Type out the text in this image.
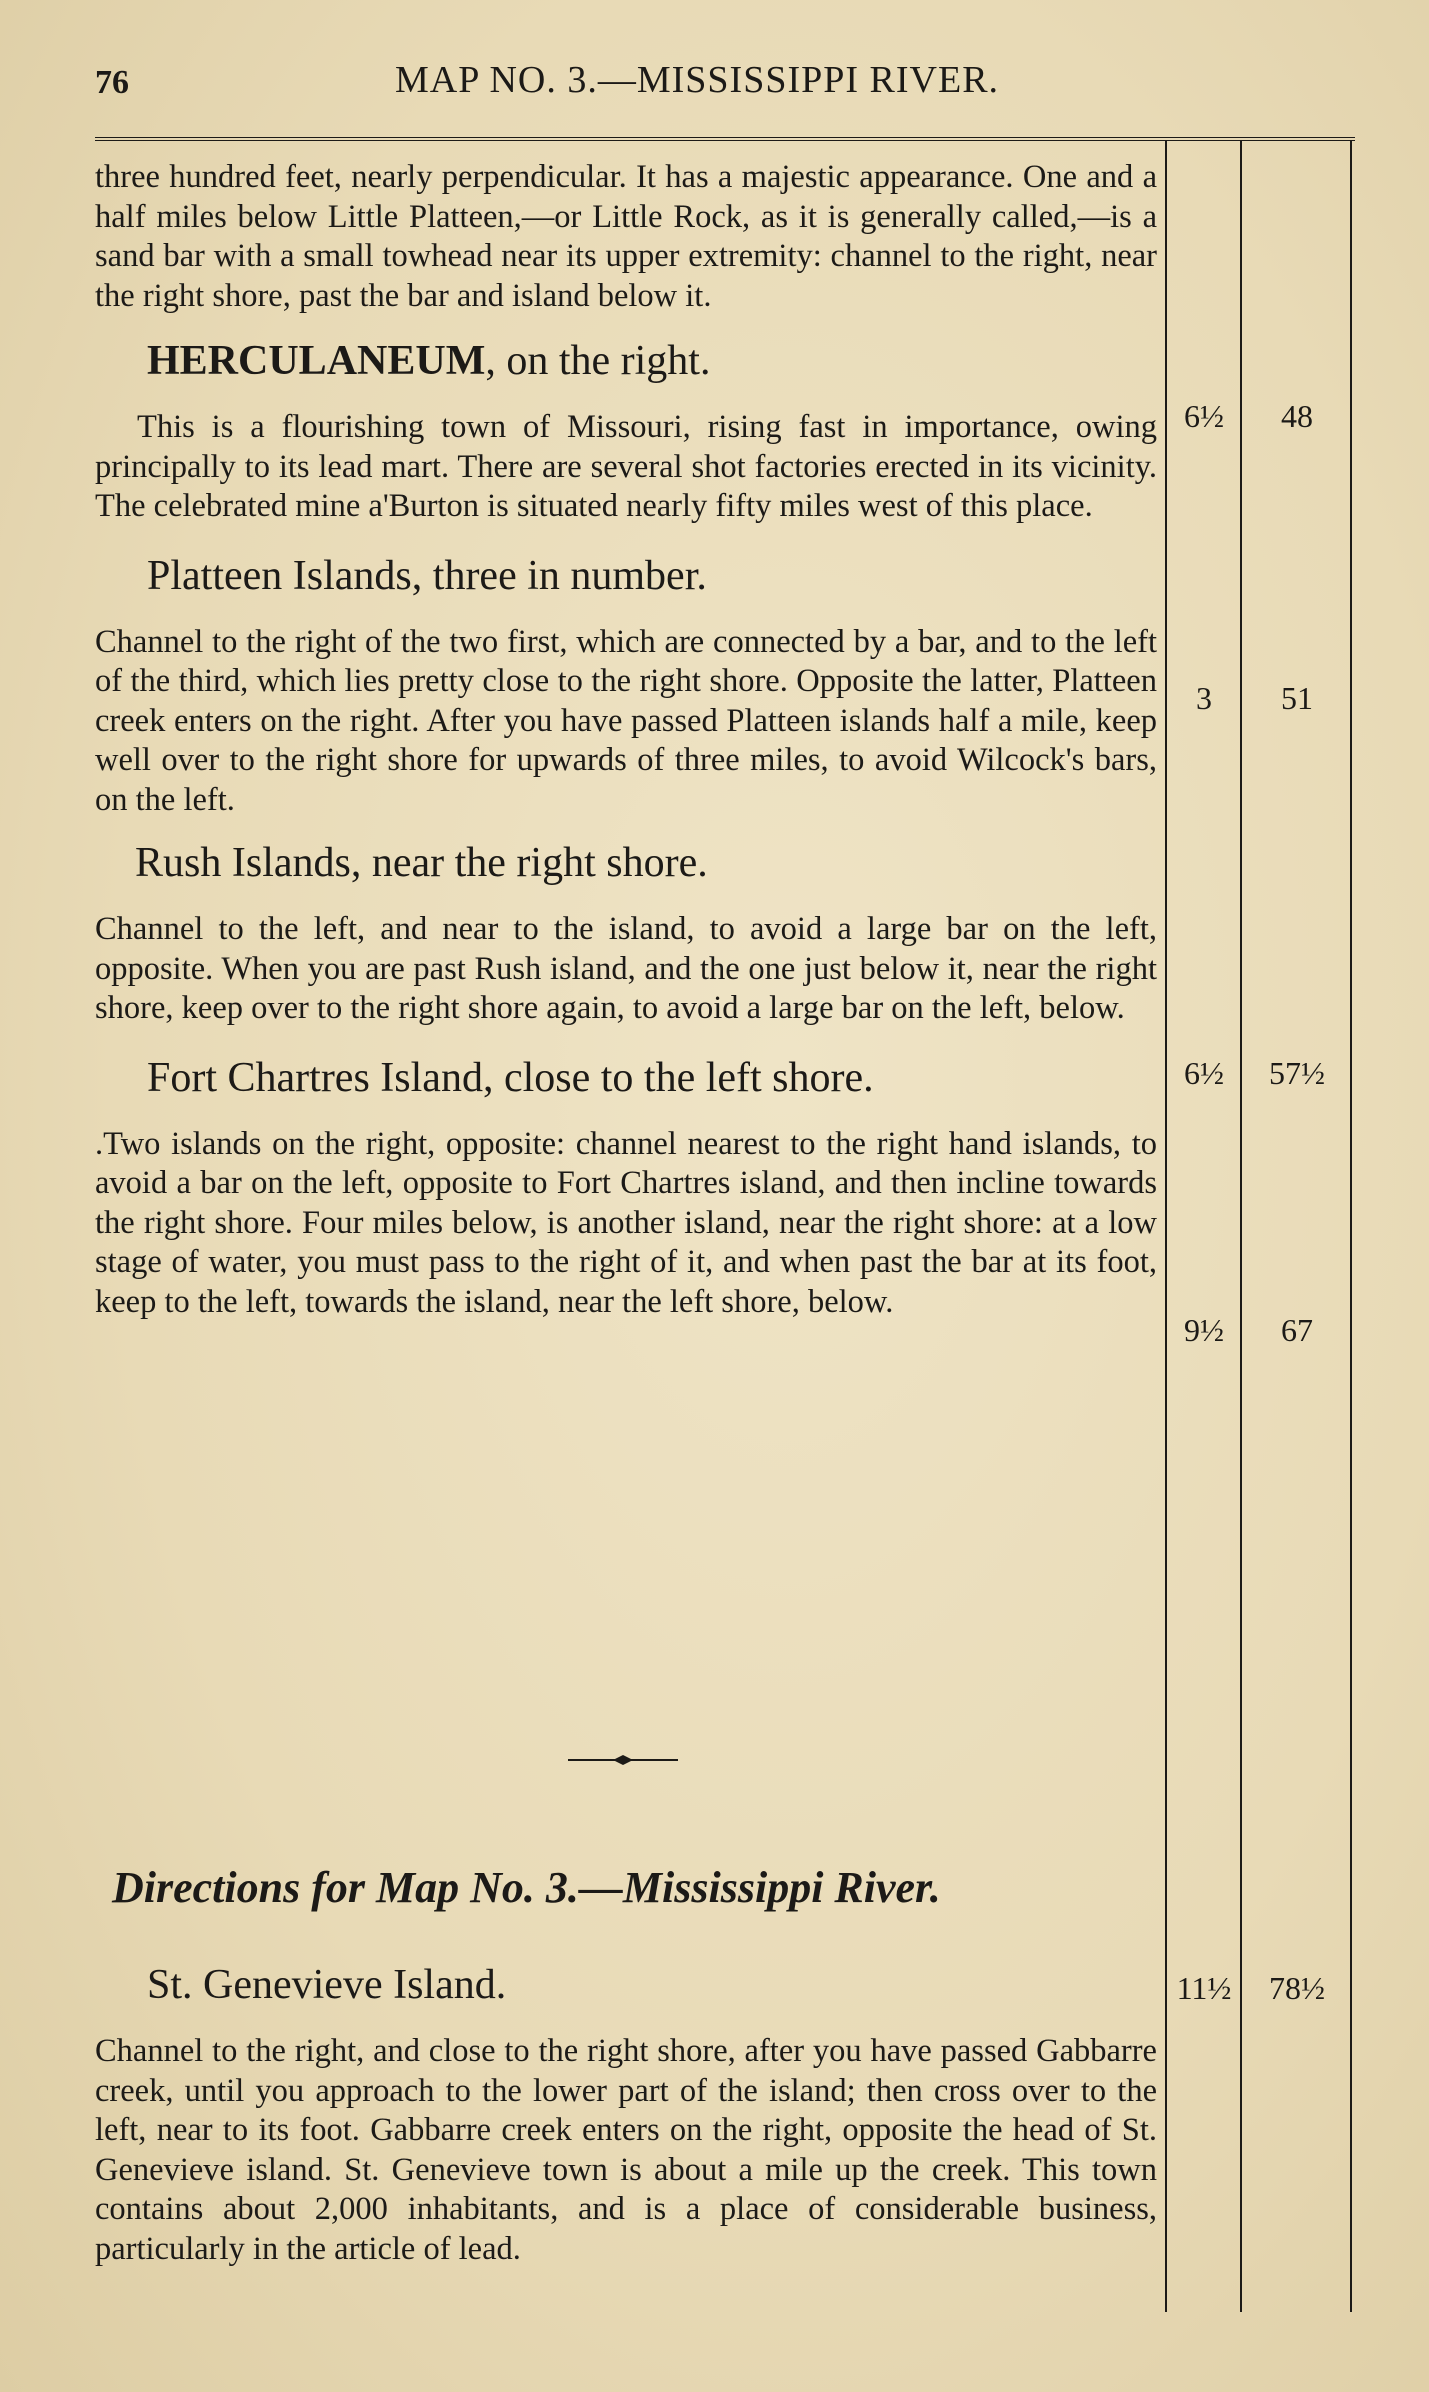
76	MAP NO. 3.—MISSISSIPPI RIVER.

three hundred feet, nearly perpendicular. It has a majestic appearance. One and a half miles below Little Platteen,—or Little Rock, as it is generally called,—is a sand bar with a small towhead near its upper extremity: channel to the right, near the right shore, past the bar and island below it.

HERCULANEUM, on the right.

This is a flourishing town of Missouri, rising fast in importance, owing principally to its lead mart. There are several shot factories erected in its vicinity. The celebrated mine a'Burton is situated nearly fifty miles west of this place.

Platteen Islands, three in number.

Channel to the right of the two first, which are connected by a bar, and to the left of the third, which lies pretty close to the right shore. Opposite the latter, Platteen creek enters on the right. After you have passed Platteen islands half a mile, keep well over to the right shore for upwards of three miles, to avoid Wilcock's bars, on the left.

Rush Islands, near the right shore.

Channel to the left, and near to the island, to avoid a large bar on the left, opposite. When you are past Rush island, and the one just below it, near the right shore, keep over to the right shore again, to avoid a large bar on the left, below.

Fort Chartres Island, close to the left shore.

.Two islands on the right, opposite: channel nearest to the right hand islands, to avoid a bar on the left, opposite to Fort Chartres island, and then incline towards the right shore. Four miles below, is another island, near the right shore: at a low stage of water, you must pass to the right of it, and when past the bar at its foot, keep to the left, towards the island, near the left shore, below.

Directions for Map No. 3.—Mississippi River.
St. Genevieve Island.

Channel to the right, and close to the right shore, after you have passed Gabbarre creek, until you approach to the lower part of the island; then cross over to the left, near to its foot. Gabbarre creek enters on the right, opposite the head of St. Genevieve island. St. Genevieve town is about a mile up the creek. This town contains about 2,000 inhabitants, and is a place of considerable business, particularly in the article of lead.

6½	48
3	51
6½	57½
9½	67
11½	78½
